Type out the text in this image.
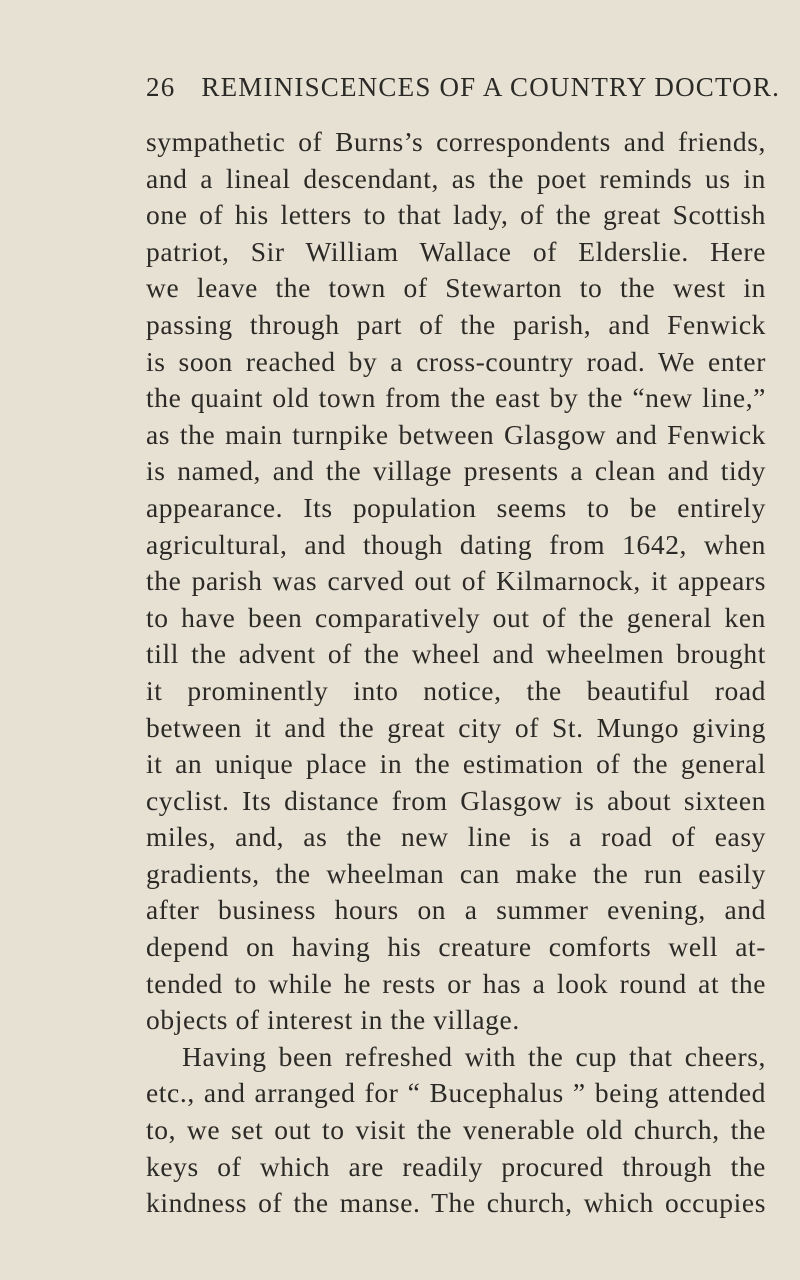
26 REMINISCENCES OF A COUNTRY DOCTOR.
sympathetic of Burns’s correspondents and friends,
and a lineal descendant, as the poet reminds us in
one of his letters to that lady, of the great Scottish
patriot, Sir William Wallace of Elderslie. Here
we leave the town of Stewarton to the west in
passing through part of the parish, and Fenwick
is soon reached by a cross-country road. We enter
the quaint old town from the east by the “new line,”
as the main turnpike between Glasgow and Fenwick
is named, and the village presents a clean and tidy
appearance. Its population seems to be entirely
agricultural, and though dating from 1642, when
the parish was carved out of Kilmarnock, it appears
to have been comparatively out of the general ken
till the advent of the wheel and wheelmen brought
it prominently into notice, the beautiful road
between it and the great city of St. Mungo giving
it an unique place in the estimation of the general
cyclist. Its distance from Glasgow is about sixteen
miles, and, as the new line is a road of easy
gradients, the wheelman can make the run easily
after business hours on a summer evening, and
depend on having his creature comforts well at-
tended to while he rests or has a look round at the
objects of interest in the village.
Having been refreshed with the cup that cheers,
etc., and arranged for “ Bucephalus ” being attended
to, we set out to visit the venerable old church, the
keys of which are readily procured through the
kindness of the manse. The church, which occupies
